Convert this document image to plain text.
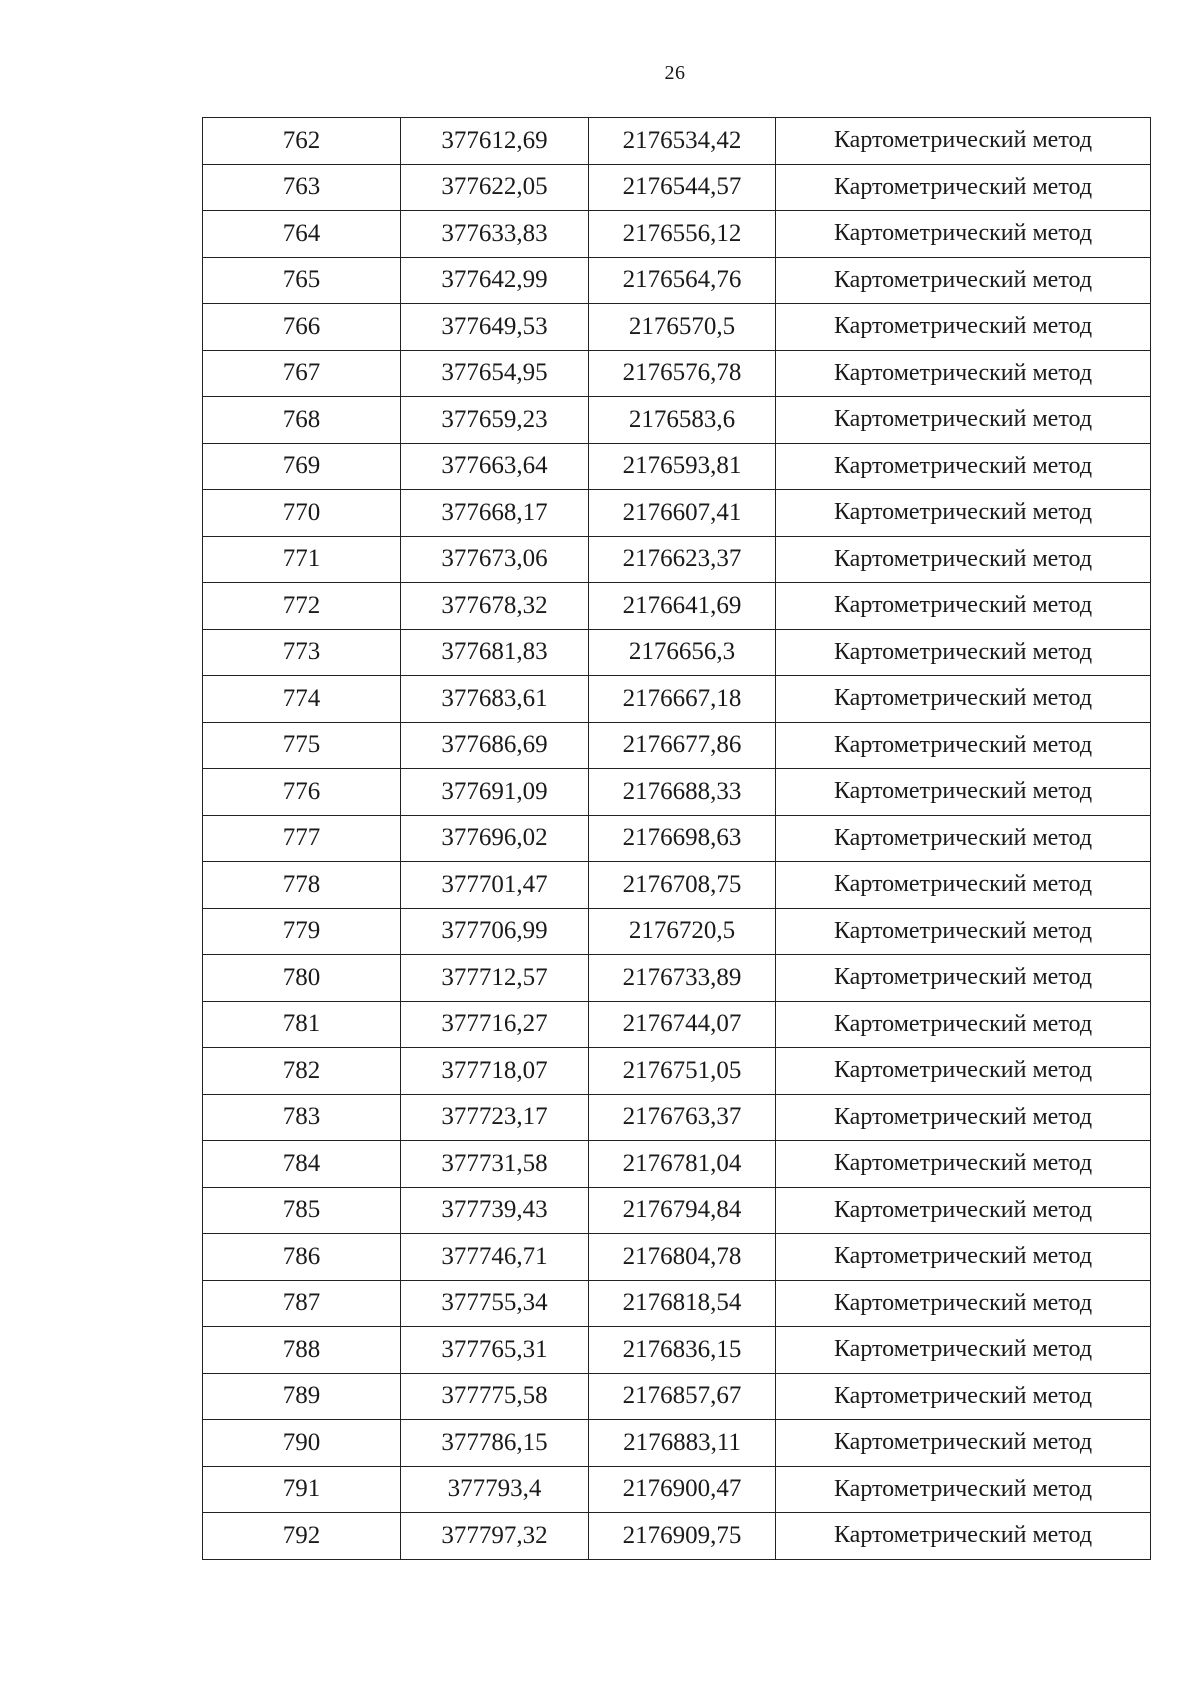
26
762	377612,69	2176534,42	Картометрический метод
763	377622,05	2176544,57	Картометрический метод
764	377633,83	2176556,12	Картометрический метод
765	377642,99	2176564,76	Картометрический метод
766	377649,53	2176570,5	Картометрический метод
767	377654,95	2176576,78	Картометрический метод
768	377659,23	2176583,6	Картометрический метод
769	377663,64	2176593,81	Картометрический метод
770	377668,17	2176607,41	Картометрический метод
771	377673,06	2176623,37	Картометрический метод
772	377678,32	2176641,69	Картометрический метод
773	377681,83	2176656,3	Картометрический метод
774	377683,61	2176667,18	Картометрический метод
775	377686,69	2176677,86	Картометрический метод
776	377691,09	2176688,33	Картометрический метод
777	377696,02	2176698,63	Картометрический метод
778	377701,47	2176708,75	Картометрический метод
779	377706,99	2176720,5	Картометрический метод
780	377712,57	2176733,89	Картометрический метод
781	377716,27	2176744,07	Картометрический метод
782	377718,07	2176751,05	Картометрический метод
783	377723,17	2176763,37	Картометрический метод
784	377731,58	2176781,04	Картометрический метод
785	377739,43	2176794,84	Картометрический метод
786	377746,71	2176804,78	Картометрический метод
787	377755,34	2176818,54	Картометрический метод
788	377765,31	2176836,15	Картометрический метод
789	377775,58	2176857,67	Картометрический метод
790	377786,15	2176883,11	Картометрический метод
791	377793,4	2176900,47	Картометрический метод
792	377797,32	2176909,75	Картометрический метод
